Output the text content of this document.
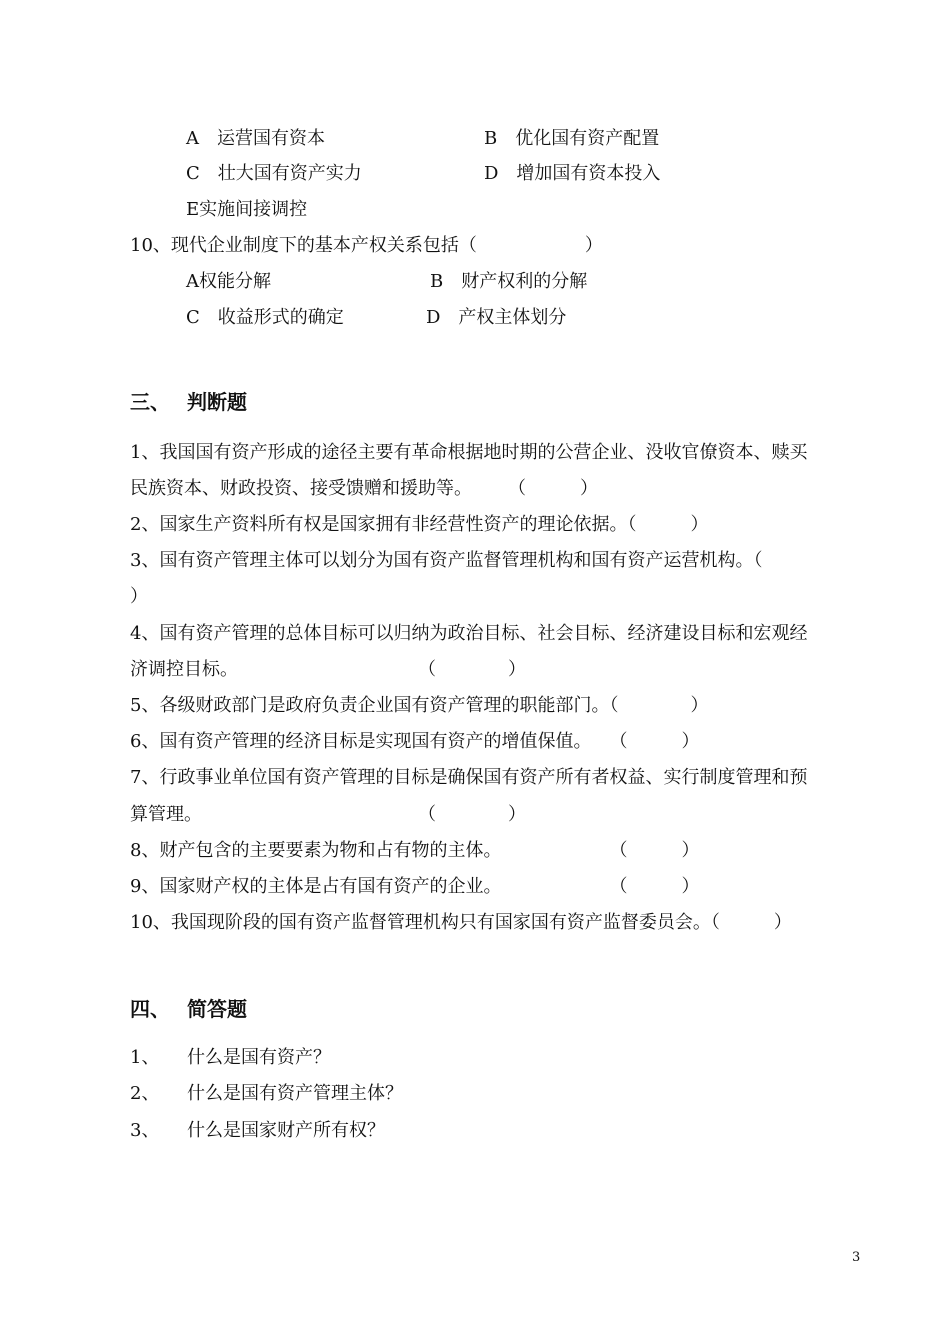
A　运营国有资本	B　优化国有资产配置
C　壮大国有资产实力	D　增加国有资本投入
E实施间接调控
10、现代企业制度下的基本产权关系包括（　　　　　　）
A权能分解	B　财产权利的分解
C　收益形式的确定	D　产权主体划分
三、 判断题
1、我国国有资产形成的途径主要有革命根据地时期的公营企业、没收官僚资本、赎买
民族资本、财政投资、接受馈赠和援助等。　　　（　　　）
2、国家生产资料所有权是国家拥有非经营性资产的理论依据。（　　　）
3、国有资产管理主体可以划分为国有资产监督管理机构和国有资产运营机构。（
）
4、国有资产管理的总体目标可以归纳为政治目标、社会目标、经济建设目标和宏观经
济调控目标。　　　　　　　　　　　（　　　　）
5、各级财政部门是政府负责企业国有资产管理的职能部门。（　　　　）
6、国有资产管理的经济目标是实现国有资产的增值保值。　　（　　　）
7、行政事业单位国有资产管理的目标是确保国有资产所有者权益、实行制度管理和预
算管理。　　　　　　　　　　　　　（　　　　）
8、财产包含的主要要素为物和占有物的主体。　　　　　　　（　　　）
9、国家财产权的主体是占有国有资产的企业。　　　　　　　（　　　）
10、我国现阶段的国有资产监督管理机构只有国家国有资产监督委员会。（　　　）
四、 简答题
1、 什么是国有资产？
2、 什么是国有资产管理主体？
3、 什么是国家财产所有权？
3
